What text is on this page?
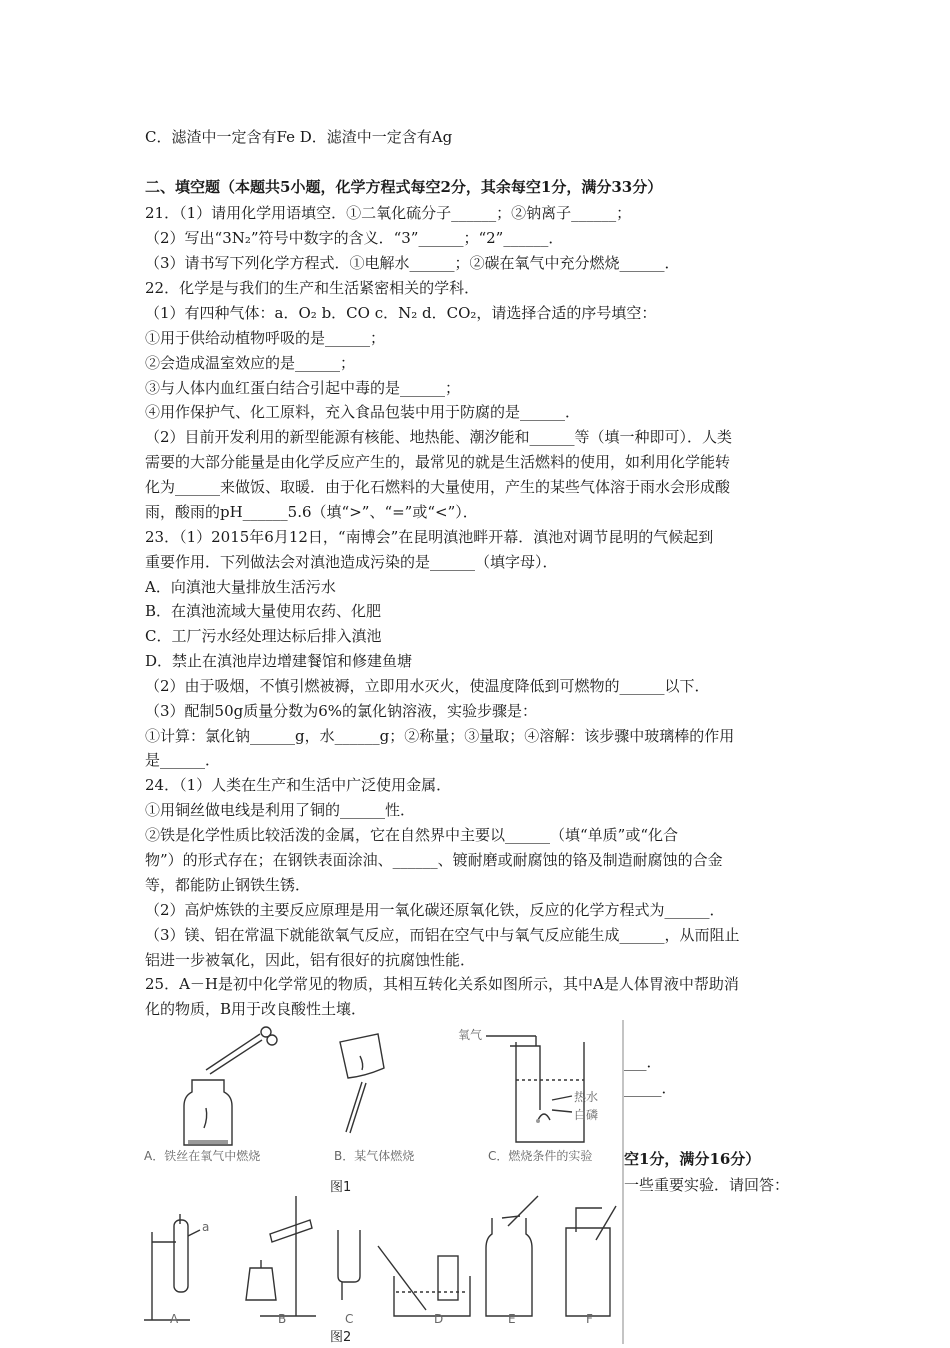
C．滤渣中一定含有Fe D．滤渣中一定含有Ag
二、填空题（本题共5小题，化学方程式每空2分，其余每空1分，满分33分）
21．（1）请用化学用语填空．①二氧化硫分子______；②钠离子______；
（2）写出“3N₂”符号中数字的含义．“3”______；“2”______．
（3）请书写下列化学方程式．①电解水______；②碳在氧气中充分燃烧______．
22．化学是与我们的生产和生活紧密相关的学科．
（1）有四种气体：a．O₂ b．CO c．N₂ d．CO₂，请选择合适的序号填空：
①用于供给动植物呼吸的是______；
②会造成温室效应的是______；
③与人体内血红蛋白结合引起中毒的是______；
④用作保护气、化工原料，充入食品包装中用于防腐的是______．
（2）目前开发利用的新型能源有核能、地热能、潮汐能和______等（填一种即可）．人类
需要的大部分能量是由化学反应产生的，最常见的就是生活燃料的使用，如利用化学能转
化为______来做饭、取暖．由于化石燃料的大量使用，产生的某些气体溶于雨水会形成酸
雨，酸雨的pH______5.6（填“>”、“=”或“<”）．
23．（1）2015年6月12日，“南博会”在昆明滇池畔开幕．滇池对调节昆明的气候起到
重要作用．下列做法会对滇池造成污染的是______（填字母）．
A．向滇池大量排放生活污水
B．在滇池流域大量使用农药、化肥
C．工厂污水经处理达标后排入滇池
D．禁止在滇池岸边增建餐馆和修建鱼塘
（2）由于吸烟，不慎引燃被褥，立即用水灭火，使温度降低到可燃物的______以下．
（3）配制50g质量分数为6%的氯化钠溶液，实验步骤是：
①计算：氯化钠______g，水______g；②称量；③量取；④溶解：该步骤中玻璃棒的作用
是______．
24．（1）人类在生产和生活中广泛使用金属．
①用铜丝做电线是利用了铜的______性．
②铁是化学性质比较活泼的金属，它在自然界中主要以______（填“单质”或“化合
物”）的形式存在；在钢铁表面涂油、______、镀耐磨或耐腐蚀的铬及制造耐腐蚀的合金
等，都能防止钢铁生锈．
（2）高炉炼铁的主要反应原理是用一氧化碳还原氧化铁，反应的化学方程式为______．
（3）镁、铝在常温下就能欲氧气反应，而铝在空气中与氧气反应能生成______，从而阻止
铝进一步被氧化，因此，铝有很好的抗腐蚀性能．
25．A－H是初中化学常见的物质，其相互转化关系如图所示，其中A是人体胃液中帮助消
化的物质，B用于改良酸性土壤．
___．
_____．
空1分，满分16分）
一些重要实验．请回答：
A．铁丝在氧气中燃烧	B．某气体燃烧	C．燃烧条件的实验
氧气
热水
白磷
图1
a
A	B	C	D	E	F
图2
